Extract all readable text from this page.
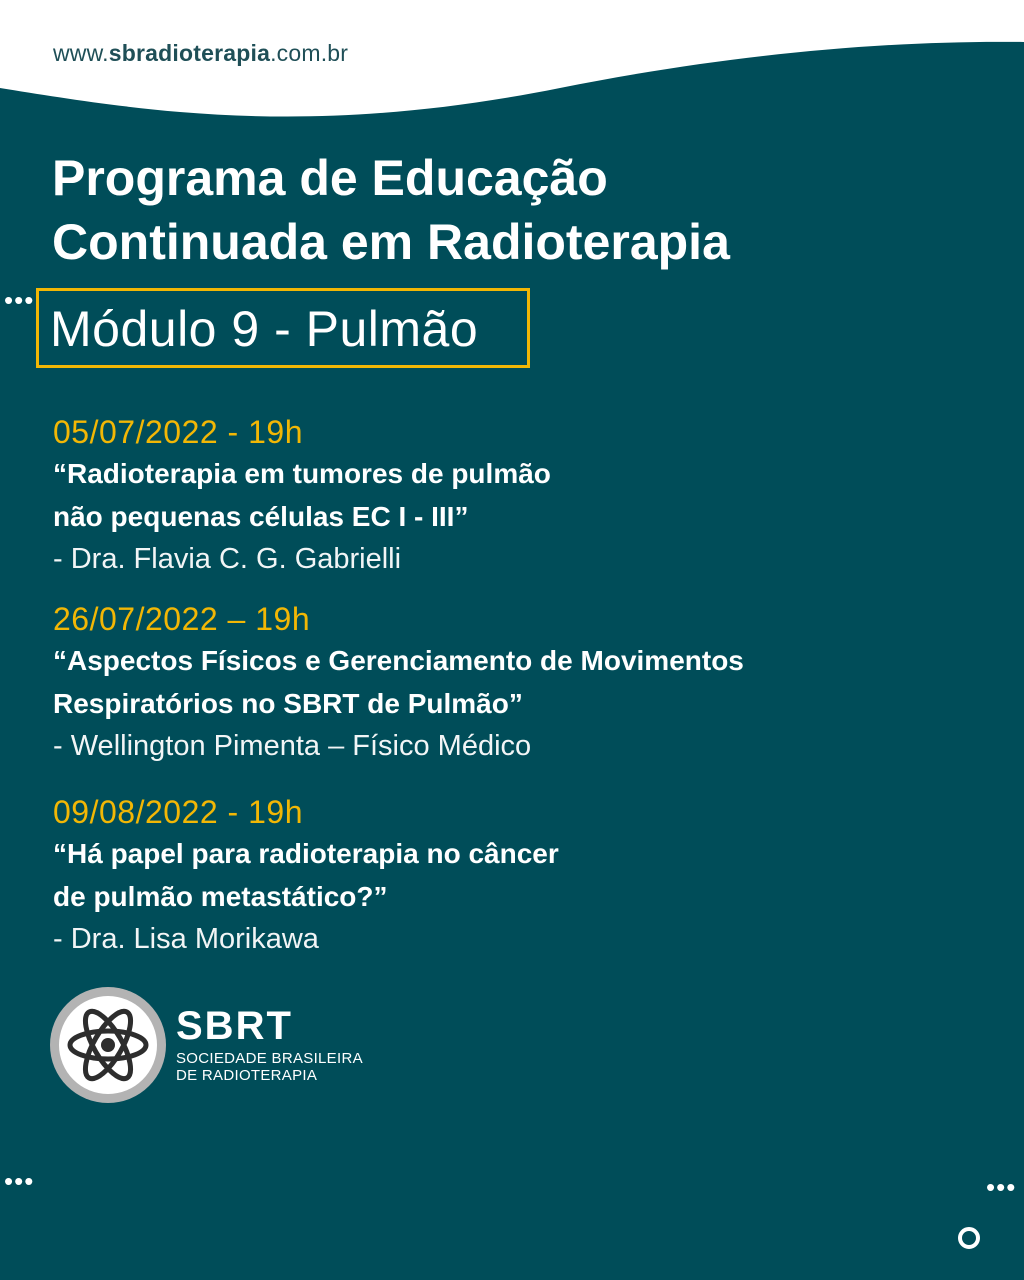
www.sbradioterapia.com.br
Programa de Educação
Continuada em Radioterapia
•••
Módulo 9 - Pulmão
05/07/2022 - 19h
“Radioterapia em tumores de pulmão
não pequenas células EC I - III”
- Dra. Flavia C. G. Gabrielli
26/07/2022 – 19h
“Aspectos Físicos e Gerenciamento de Movimentos
Respiratórios no SBRT de Pulmão”
- Wellington Pimenta – Físico Médico
09/08/2022 - 19h
“Há papel para radioterapia no câncer
de pulmão metastático?”
- Dra. Lisa Morikawa
SBRT
SOCIEDADE BRASILEIRA
DE RADIOTERAPIA
•••	•••
